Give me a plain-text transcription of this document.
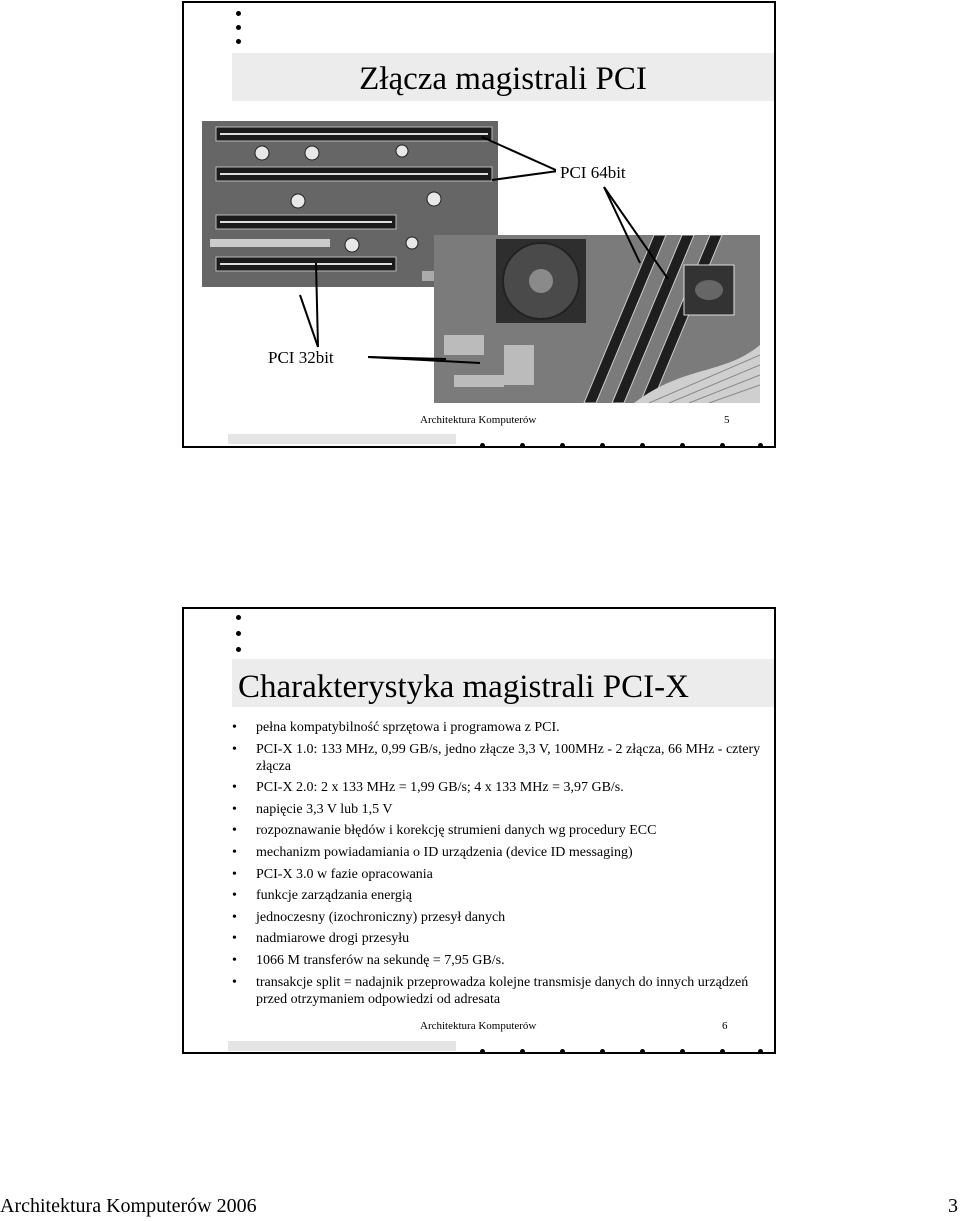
Złącza magistrali PCI
PCI 64bit
PCI 32bit
Architektura Komputerów	5
Charakterystyka magistrali PCI-X
• pełna kompatybilność sprzętowa i programowa z PCI.
• PCI-X 1.0: 133 MHz, 0,99 GB/s, jedno złącze 3,3 V, 100MHz - 2 złącza, 66 MHz - cztery złącza
• PCI-X 2.0: 2 x 133 MHz = 1,99 GB/s; 4 x 133 MHz = 3,97 GB/s.
• napięcie 3,3 V lub 1,5 V
• rozpoznawanie błędów i korekcję strumieni danych wg procedury ECC
• mechanizm powiadamiania o ID urządzenia (device ID messaging)
• PCI-X 3.0 w fazie opracowania
• funkcje zarządzania energią
• jednoczesny (izochroniczny) przesył danych
• nadmiarowe drogi przesyłu
• 1066 M transferów na sekundę = 7,95 GB/s.
• transakcje split = nadajnik przeprowadza kolejne transmisje danych do innych urządzeń przed otrzymaniem odpowiedzi od adresata
Architektura Komputerów	6
Architektura Komputerów 2006	3
